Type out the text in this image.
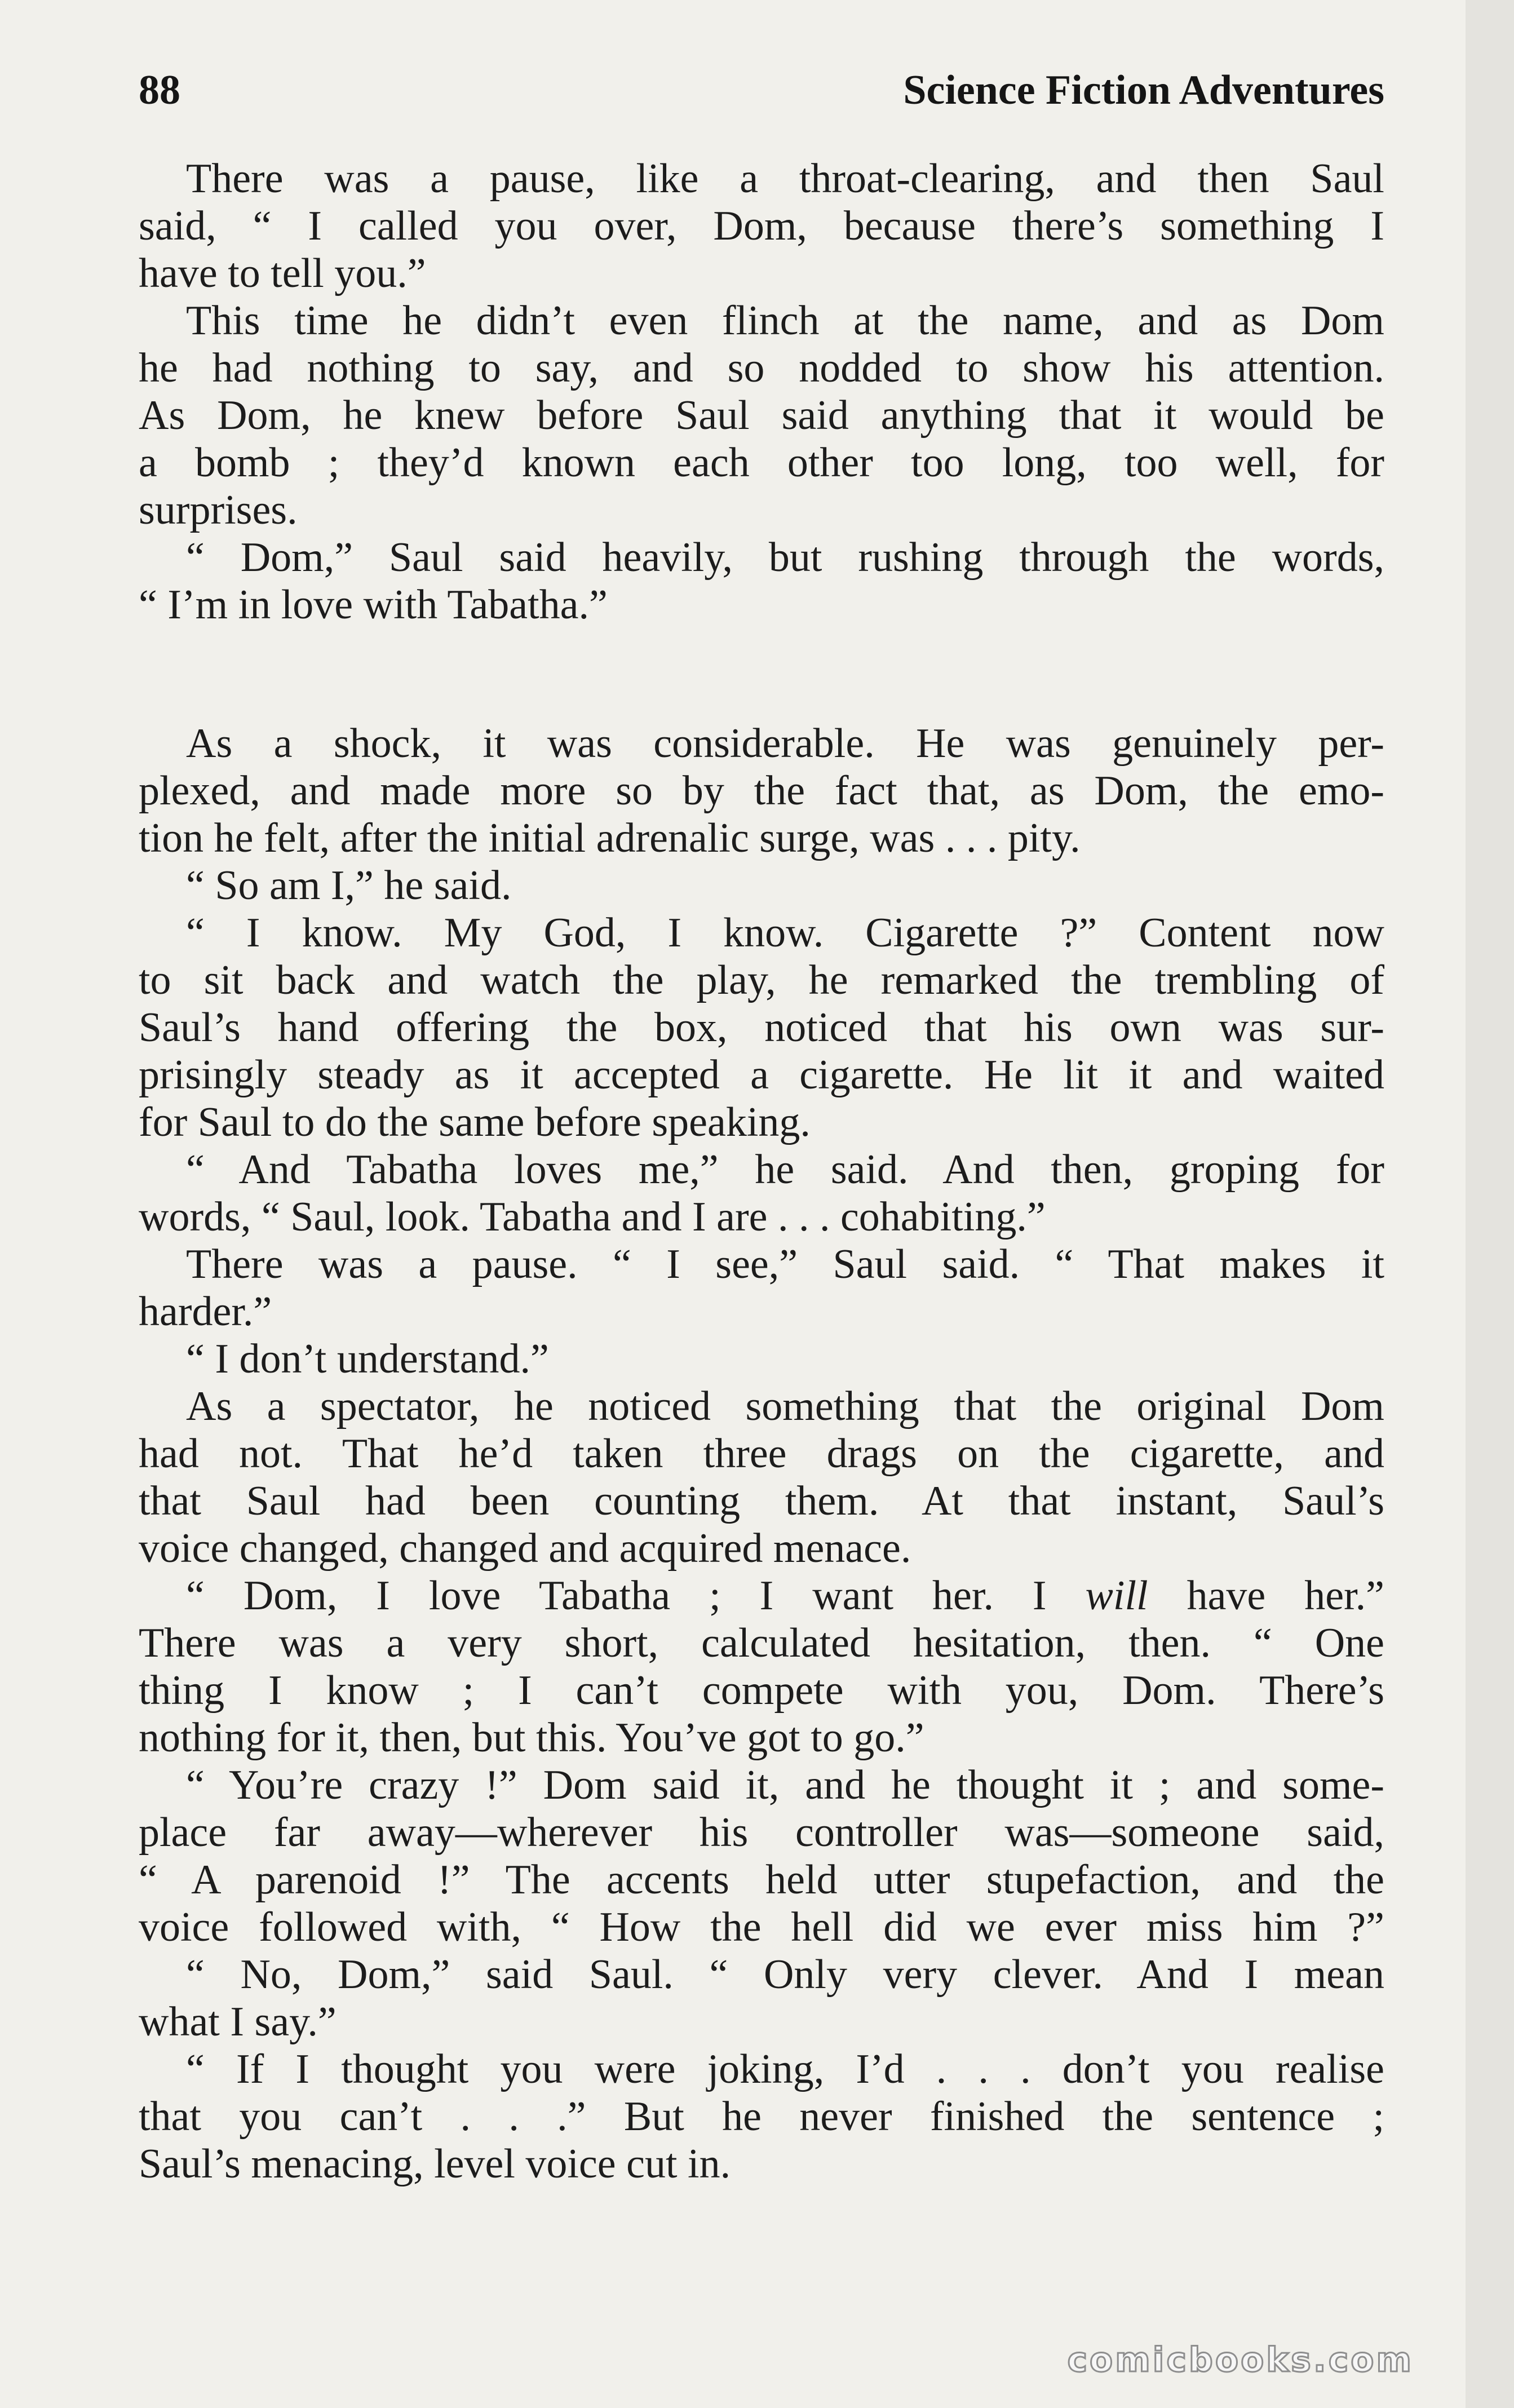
88	Science Fiction Adventures
There was a pause, like a throat-clearing, and then Saul
said, “ I called you over, Dom, because there’s something I
have to tell you.”
This time he didn’t even flinch at the name, and as Dom
he had nothing to say, and so nodded to show his attention.
As Dom, he knew before Saul said anything that it would be
a bomb ; they’d known each other too long, too well, for
surprises.
“ Dom,” Saul said heavily, but rushing through the words,
“ I’m in love with Tabatha.”
As a shock, it was considerable. He was genuinely per-
plexed, and made more so by the fact that, as Dom, the emo-
tion he felt, after the initial adrenalic surge, was . . . pity.
“ So am I,” he said.
“ I know. My God, I know. Cigarette ?” Content now
to sit back and watch the play, he remarked the trembling of
Saul’s hand offering the box, noticed that his own was sur-
prisingly steady as it accepted a cigarette. He lit it and waited
for Saul to do the same before speaking.
“ And Tabatha loves me,” he said. And then, groping for
words, “ Saul, look. Tabatha and I are . . . cohabiting.”
There was a pause. “ I see,” Saul said. “ That makes it
harder.”
“ I don’t understand.”
As a spectator, he noticed something that the original Dom
had not. That he’d taken three drags on the cigarette, and
that Saul had been counting them. At that instant, Saul’s
voice changed, changed and acquired menace.
“ Dom, I love Tabatha ; I want her. I will have her.”
There was a very short, calculated hesitation, then. “ One
thing I know ; I can’t compete with you, Dom. There’s
nothing for it, then, but this. You’ve got to go.”
“ You’re crazy !” Dom said it, and he thought it ; and some-
place far away—wherever his controller was—someone said,
“ A parenoid !” The accents held utter stupefaction, and the
voice followed with, “ How the hell did we ever miss him ?”
“ No, Dom,” said Saul. “ Only very clever. And I mean
what I say.”
“ If I thought you were joking, I’d . . . don’t you realise
that you can’t . . .” But he never finished the sentence ;
Saul’s menacing, level voice cut in.
comicbooks.com
